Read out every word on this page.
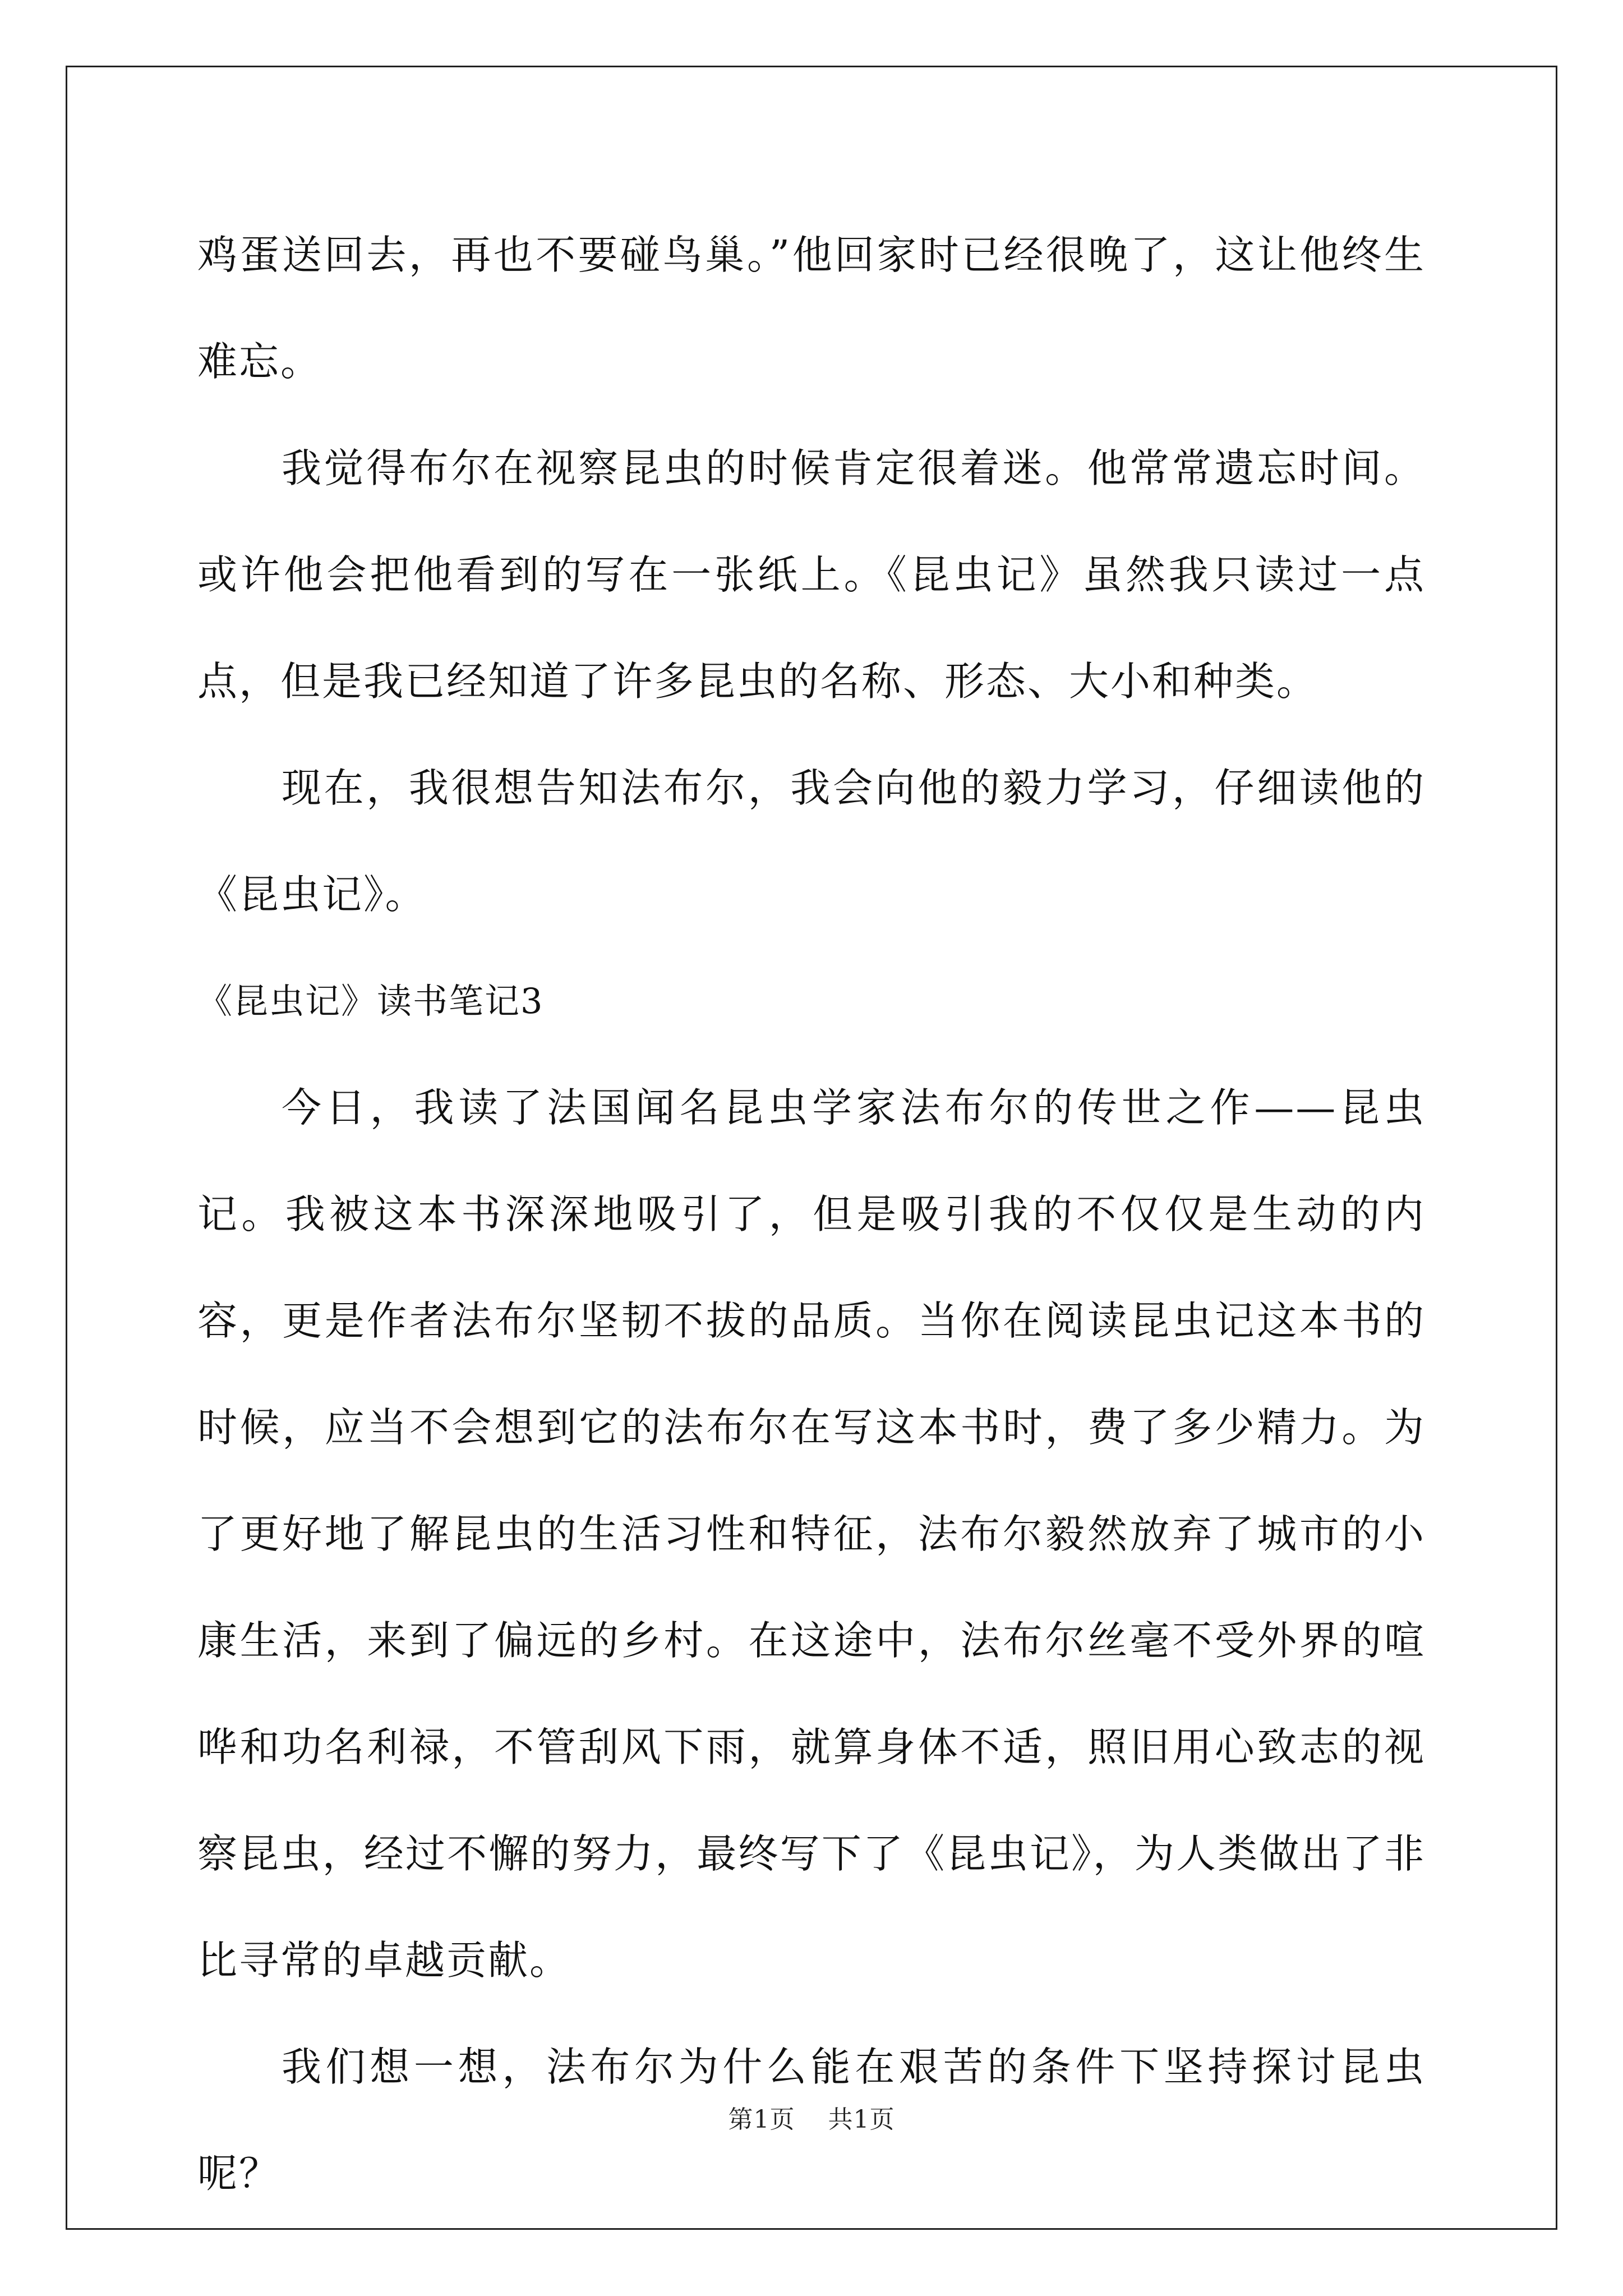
鸡蛋送回去，再也不要碰鸟巢。”他回家时已经很晚了，这让他终生难忘。

我觉得布尔在视察昆虫的时候肯定很着迷。他常常遗忘时间。或许他会把他看到的写在一张纸上。《昆虫记》虽然我只读过一点点，但是我已经知道了许多昆虫的名称、形态、大小和种类。

现在，我很想告知法布尔，我会向他的毅力学习，仔细读他的《昆虫记》。

《昆虫记》读书笔记3

今日，我读了法国闻名昆虫学家法布尔的传世之作——昆虫记。我被这本书深深地吸引了，但是吸引我的不仅仅是生动的内容，更是作者法布尔坚韧不拔的品质。当你在阅读昆虫记这本书的时候，应当不会想到它的法布尔在写这本书时，费了多少精力。为了更好地了解昆虫的生活习性和特征，法布尔毅然放弃了城市的小康生活，来到了偏远的乡村。在这途中，法布尔丝毫不受外界的喧哗和功名利禄，不管刮风下雨，就算身体不适，照旧用心致志的视察昆虫，经过不懈的努力，最终写下了《昆虫记》，为人类做出了非比寻常的卓越贡献。

我们想一想，法布尔为什么能在艰苦的条件下坚持探讨昆虫呢？

第1页 共1页
